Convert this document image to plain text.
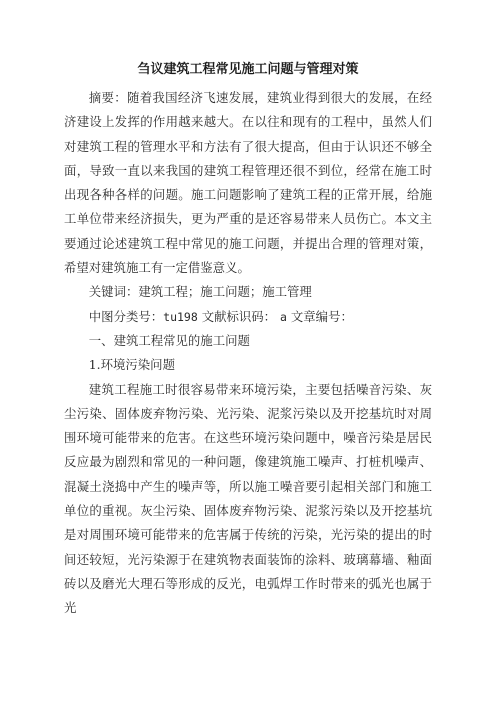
刍议建筑工程常见施工问题与管理对策

摘要：随着我国经济飞速发展，建筑业得到很大的发展，在经济建设上发挥的作用越来越大。在以往和现有的工程中，虽然人们对建筑工程的管理水平和方法有了很大提高，但由于认识还不够全面，导致一直以来我国的建筑工程管理还很不到位，经常在施工时出现各种各样的问题。施工问题影响了建筑工程的正常开展，给施工单位带来经济损失，更为严重的是还容易带来人员伤亡。本文主要通过论述建筑工程中常见的施工问题，并提出合理的管理对策，希望对建筑施工有一定借鉴意义。

关键词：建筑工程；施工问题；施工管理

中图分类号：tu198 文献标识码： a 文章编号：

一、建筑工程常见的施工问题

1.环境污染问题

建筑工程施工时很容易带来环境污染，主要包括噪音污染、灰尘污染、固体废弃物污染、光污染、泥浆污染以及开挖基坑时对周围环境可能带来的危害。在这些环境污染问题中，噪音污染是居民反应最为剧烈和常见的一种问题，像建筑施工噪声、打桩机噪声、混凝土浇捣中产生的噪声等，所以施工噪音要引起相关部门和施工单位的重视。灰尘污染、固体废弃物污染、泥浆污染以及开挖基坑是对周围环境可能带来的危害属于传统的污染，光污染的提出的时间还较短，光污染源于在建筑物表面装饰的涂料、玻璃幕墙、釉面砖以及磨光大理石等形成的反光，电弧焊工作时带来的弧光也属于光
